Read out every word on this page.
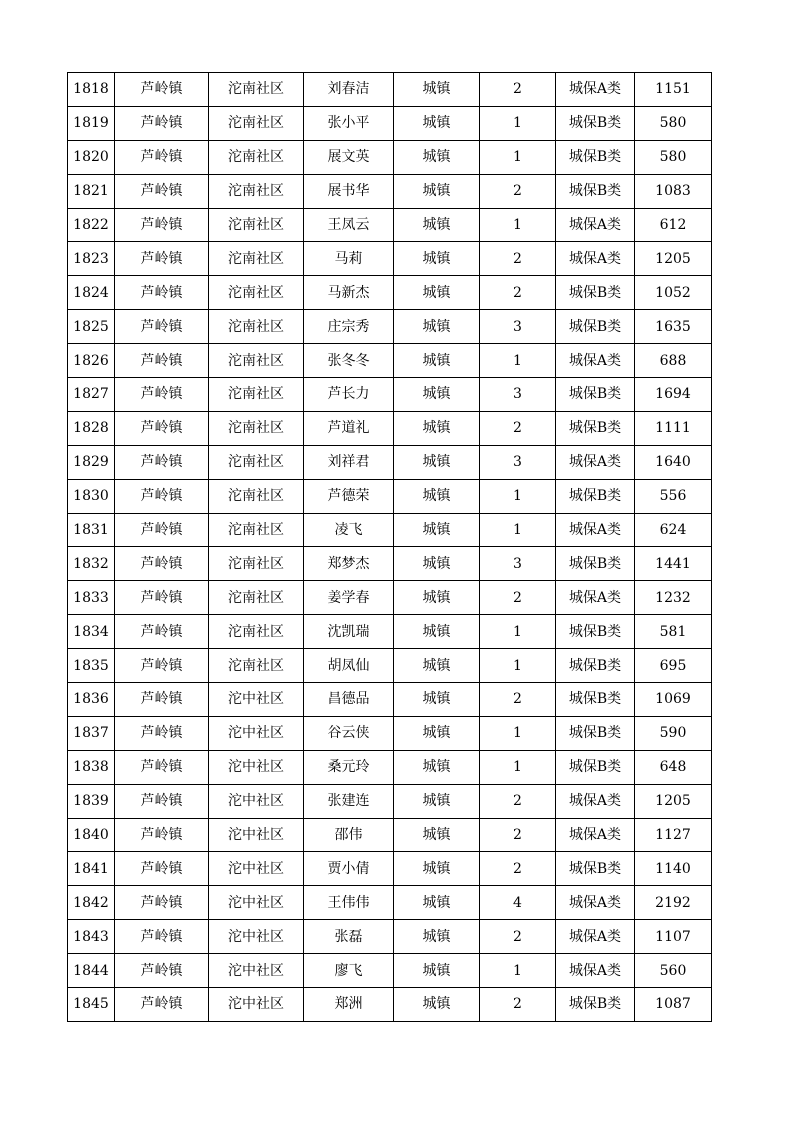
1818	芦岭镇	沱南社区	刘春洁	城镇	2	城保A类	1151
1819	芦岭镇	沱南社区	张小平	城镇	1	城保B类	580
1820	芦岭镇	沱南社区	展文英	城镇	1	城保B类	580
1821	芦岭镇	沱南社区	展书华	城镇	2	城保B类	1083
1822	芦岭镇	沱南社区	王凤云	城镇	1	城保A类	612
1823	芦岭镇	沱南社区	马莉	城镇	2	城保A类	1205
1824	芦岭镇	沱南社区	马新杰	城镇	2	城保B类	1052
1825	芦岭镇	沱南社区	庄宗秀	城镇	3	城保B类	1635
1826	芦岭镇	沱南社区	张冬冬	城镇	1	城保A类	688
1827	芦岭镇	沱南社区	芦长力	城镇	3	城保B类	1694
1828	芦岭镇	沱南社区	芦道礼	城镇	2	城保B类	1111
1829	芦岭镇	沱南社区	刘祥君	城镇	3	城保A类	1640
1830	芦岭镇	沱南社区	芦德荣	城镇	1	城保B类	556
1831	芦岭镇	沱南社区	凌飞	城镇	1	城保A类	624
1832	芦岭镇	沱南社区	郑梦杰	城镇	3	城保B类	1441
1833	芦岭镇	沱南社区	姜学春	城镇	2	城保A类	1232
1834	芦岭镇	沱南社区	沈凯瑞	城镇	1	城保B类	581
1835	芦岭镇	沱南社区	胡凤仙	城镇	1	城保B类	695
1836	芦岭镇	沱中社区	昌德品	城镇	2	城保B类	1069
1837	芦岭镇	沱中社区	谷云侠	城镇	1	城保B类	590
1838	芦岭镇	沱中社区	桑元玲	城镇	1	城保B类	648
1839	芦岭镇	沱中社区	张建连	城镇	2	城保A类	1205
1840	芦岭镇	沱中社区	邵伟	城镇	2	城保A类	1127
1841	芦岭镇	沱中社区	贾小倩	城镇	2	城保B类	1140
1842	芦岭镇	沱中社区	王伟伟	城镇	4	城保A类	2192
1843	芦岭镇	沱中社区	张磊	城镇	2	城保A类	1107
1844	芦岭镇	沱中社区	廖飞	城镇	1	城保A类	560
1845	芦岭镇	沱中社区	郑洲	城镇	2	城保B类	1087
